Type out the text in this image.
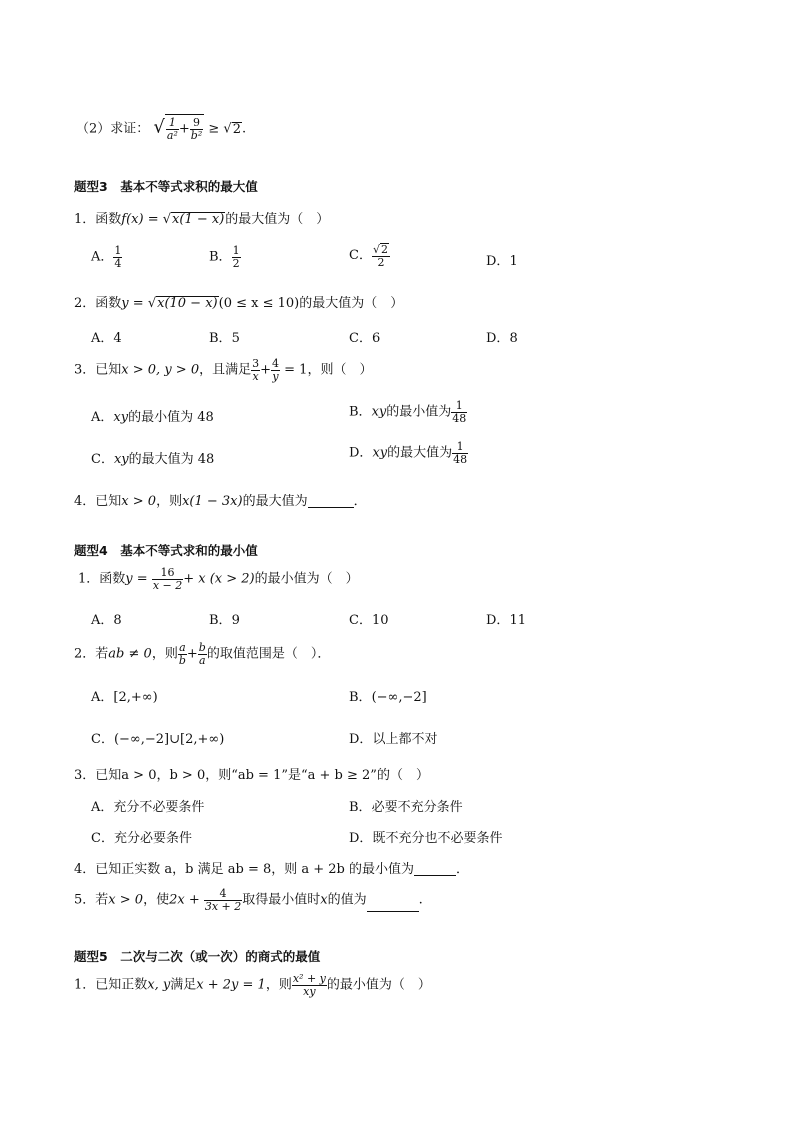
（2）求证： √ $\frac{1}{\text{a²}} + \frac{9}{\text{b²}} \ge √2$.
题型3　基本不等式求积的最大值
1．函数f(x) = √x(1 − x)的最大值为（　）
A． $\frac{1}{4}$	B． $\frac{1}{2}$	C． $\frac{√2}{2}$	D．1
2．函数y = √x(10 − x)(0 ≤ x ≤ 10)的最大值为（　）
A．4	B．5	C．6	D．8
3．已知x > 0, y > 0，且满足 $\frac{3}{x} + \frac{4}{y} = 1$，则（　）
A．xy的最小值为 48	B．xy的最小值为 $\frac{1}{48}$
C．xy的最大值为 48	D．xy的最大值为 $\frac{1}{48}$
4．已知x > 0，则x(1 − 3x)的最大值为	．
题型4　基本不等式求和的最小值
1．函数$y = \frac{16}{x - 2} + x$ (x > 2)的最小值为（　）
A．8	B．9	C．10	D．11
2．若ab ≠ 0，则 $\frac{a}{b} + \frac{b}{a}$ 的取值范围是（　）．
A．[2,+∞)	B．(−∞,−2]
C．(−∞,−2]∪[2,+∞)	D．以上都不对
3．已知a > 0，b > 0，则“ab = 1”是“a + b ≥ 2”的（　）
A．充分不必要条件	B．必要不充分条件
C．充分必要条件	D．既不充分也不必要条件
4．已知正实数 a，b 满足 ab = 8，则 a + 2b 的最小值为	．
5．若x > 0，使$2x + \frac{4}{3x + 2}$ 取得最小值时x的值为	.
题型5　二次与二次（或一次）的商式的最值
1．已知正数x, y满足x + 2y = 1，则 $\frac{\text{x² + y}}{xy}$ 的最小值为（　）
